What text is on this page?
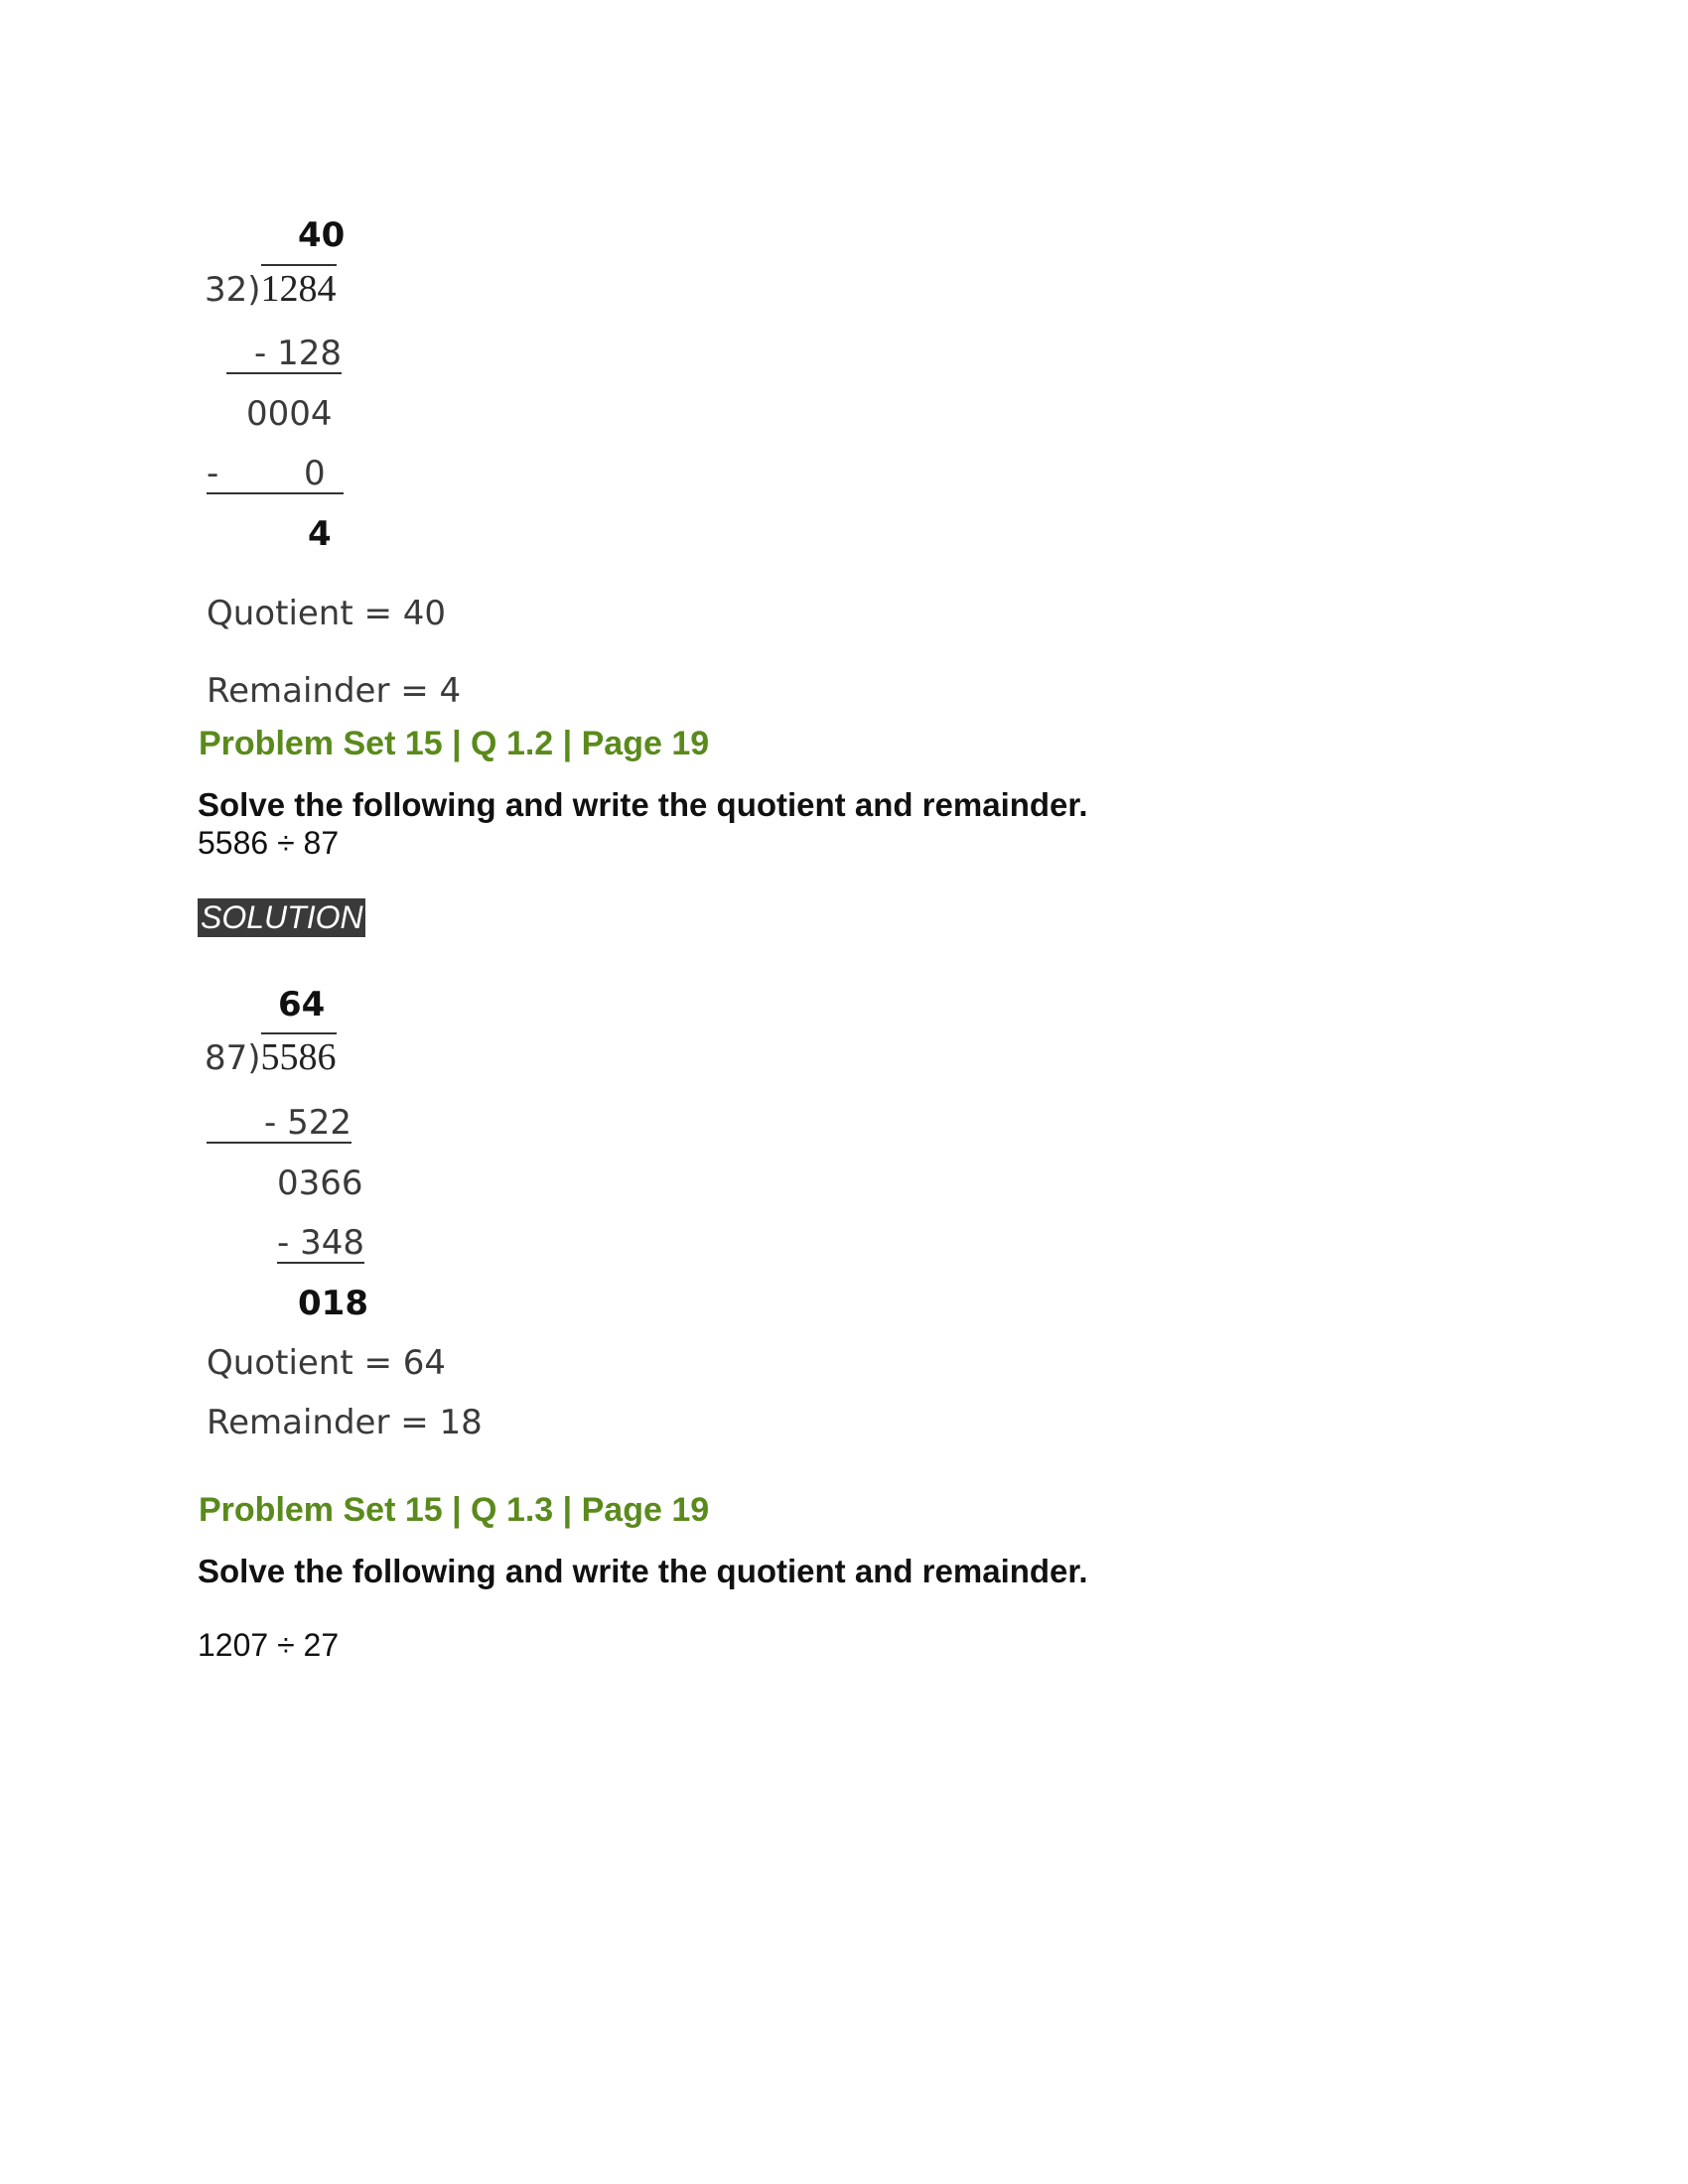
40
32)1284
- 128
0004
-	0
4
Quotient = 40
Remainder = 4
Problem Set 15 | Q 1.2 | Page 19
Solve the following and write the quotient and remainder.
5586 ÷ 87
SOLUTION
64
87)5586
- 522
0366
- 348
018
Quotient = 64
Remainder = 18
Problem Set 15 | Q 1.3 | Page 19
Solve the following and write the quotient and remainder.
1207 ÷ 27
